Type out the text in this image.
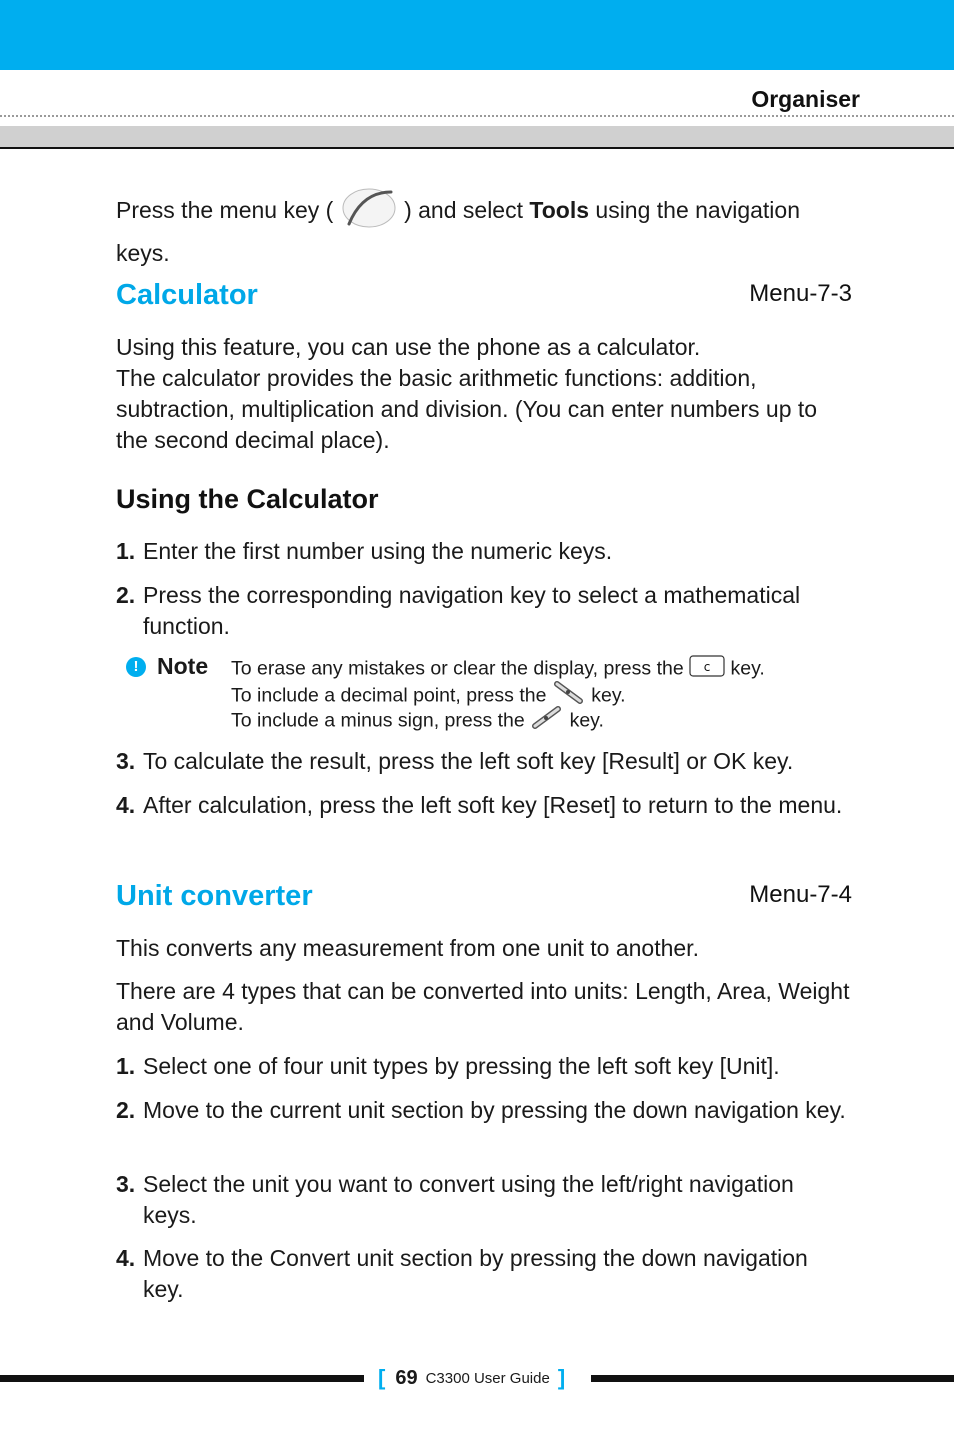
Organiser

Press the menu key (	) and select Tools using the navigation keys.

Calculator	Menu-7-3

Using this feature, you can use the phone as a calculator.

The calculator provides the basic arithmetic functions: addition, subtraction, multiplication and division. (You can enter numbers up to the second decimal place).

Using the Calculator
1. Enter the first number using the numeric keys.
2. Press the corresponding navigation key to select a mathematical function.
! Note To erase any mistakes or clear the display, press the c key.
To include a decimal point, press the  key.
To include a minus sign, press the  key.
3. To calculate the result, press the left soft key [Result] or OK key.
4. After calculation, press the left soft key [Reset] to return to the menu.
Unit converter	Menu-7-4

This converts any measurement from one unit to another.

There are 4 types that can be converted into units: Length, Area, Weight and Volume.

1. Select one of four unit types by pressing the left soft key [Unit].
2. Move to the current unit section by pressing the down navigation key.
3. Select the unit you want to convert using the left/right navigation keys.
4. Move to the Convert unit section by pressing the down navigation key.
[ 69 C3300 User Guide ]
